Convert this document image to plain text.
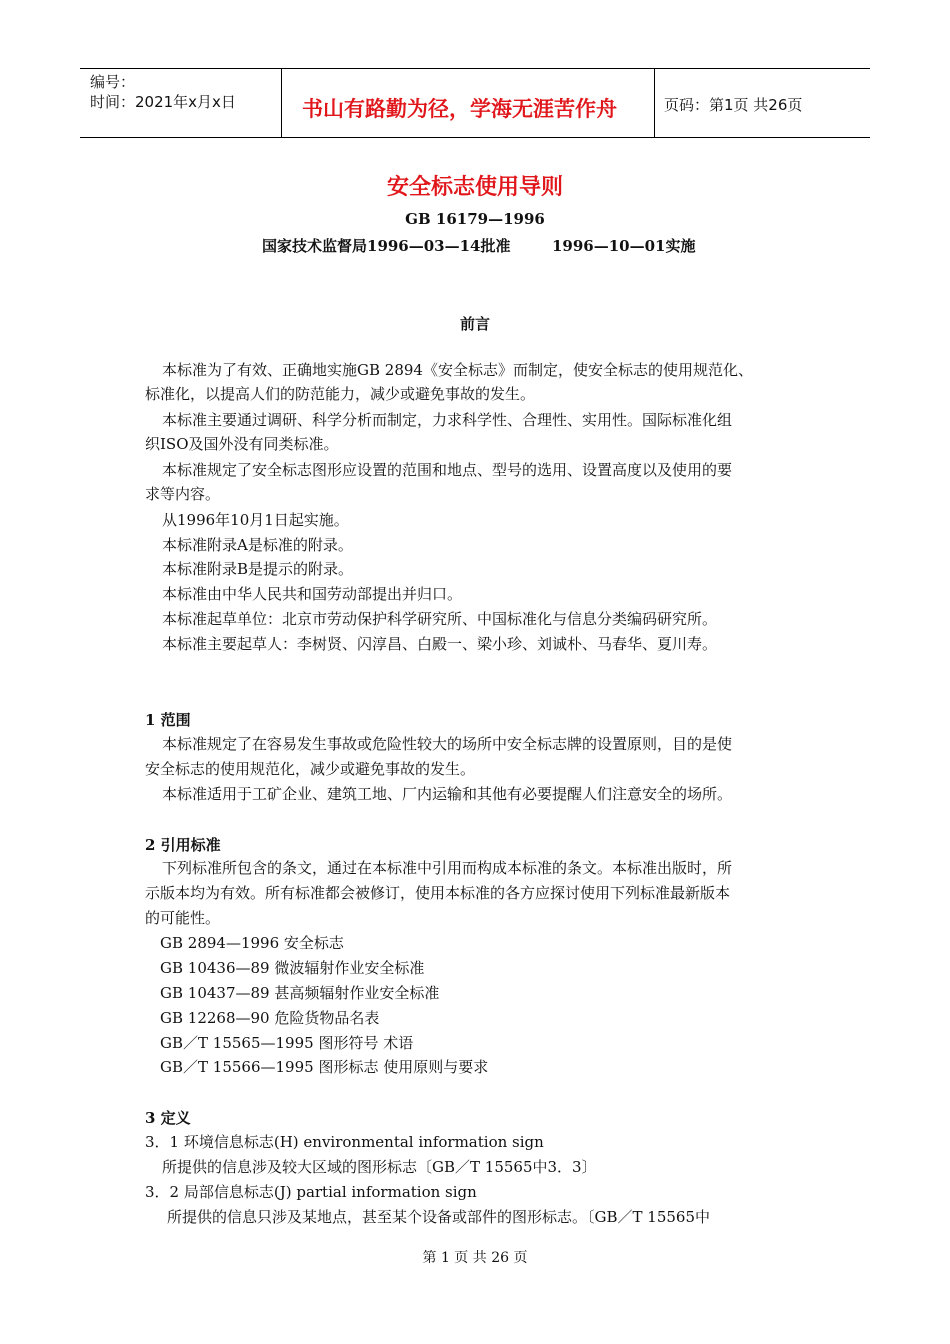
编号：
时间：2021年x月x日	书山有路勤为径，学海无涯苦作舟	页码：第1页 共26页
安全标志使用导则
GB 16179—1996
国家技术监督局1996—03—14批准	1996—10—01实施
前言
本标准为了有效、正确地实施GB 2894《安全标志》而制定，使安全标志的使用规范化、
标准化，以提高人们的防范能力，减少或避免事故的发生。
本标准主要通过调研、科学分析而制定，力求科学性、合理性、实用性。国际标准化组
织ISO及国外没有同类标准。
本标准规定了安全标志图形应设置的范围和地点、型号的选用、设置高度以及使用的要
求等内容。
从1996年10月1日起实施。
本标准附录A是标准的附录。
本标准附录B是提示的附录。
本标准由中华人民共和国劳动部提出并归口。
本标准起草单位：北京市劳动保护科学研究所、中国标准化与信息分类编码研究所。
本标准主要起草人：李树贤、闪淳昌、白殿一、梁小珍、刘诚朴、马春华、夏川寿。
1 范围
本标准规定了在容易发生事故或危险性较大的场所中安全标志牌的设置原则，目的是使
安全标志的使用规范化，减少或避免事故的发生。
本标准适用于工矿企业、建筑工地、厂内运输和其他有必要提醒人们注意安全的场所。
2 引用标准
下列标准所包含的条文，通过在本标准中引用而构成本标准的条文。本标准出版时，所
示版本均为有效。所有标准都会被修订，使用本标准的各方应探讨使用下列标准最新版本
的可能性。
GB 2894—1996 安全标志
GB 10436—89 微波辐射作业安全标准
GB 10437—89 甚高频辐射作业安全标准
GB 12268—90 危险货物品名表
GB／T 15565—1995 图形符号 术语
GB／T 15566—1995 图形标志 使用原则与要求
3 定义
3．1 环境信息标志(H) environmental information sign
所提供的信息涉及较大区域的图形标志〔GB／T 15565中3．3〕
3．2 局部信息标志(J) partial information sign
所提供的信息只涉及某地点，甚至某个设备或部件的图形标志。〔GB／T 15565中
第 1 页 共 26 页
